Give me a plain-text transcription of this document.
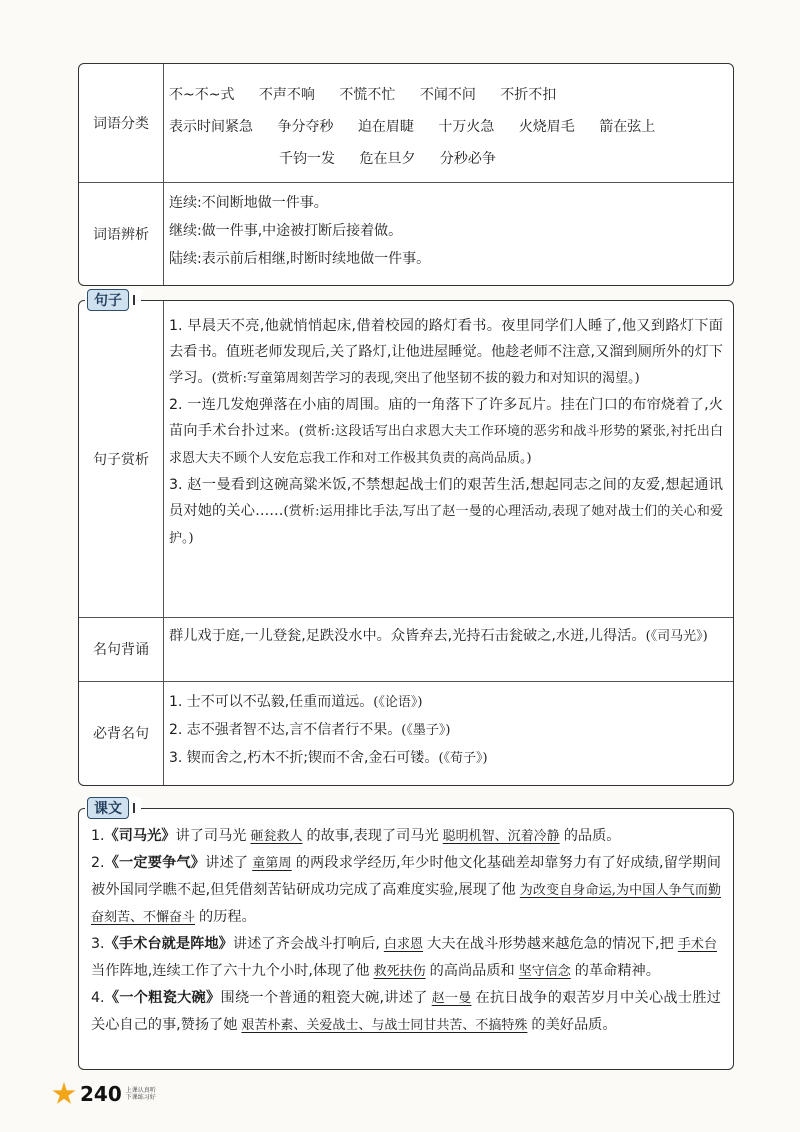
词语分类
不~不~式 不声不响 不慌不忙 不闻不问 不折不扣
表示时间紧急 争分夺秒 迫在眉睫 十万火急 火烧眉毛 箭在弦上
千钧一发 危在旦夕 分秒必争
词语辨析
连续:不间断地做一件事。
继续:做一件事,中途被打断后接着做。
陆续:表示前后相继,时断时续地做一件事。
句子
句子赏析

1. 早晨天不亮,他就悄悄起床,借着校园的路灯看书。夜里同学们人睡了,他又到路灯下面去看书。值班老师发现后,关了路灯,让他进屋睡觉。他趁老师不注意,又溜到厕所外的灯下学习。(赏析:写童第周刻苦学习的表现,突出了他坚韧不拔的毅力和对知识的渴望。)

2. 一连几发炮弹落在小庙的周围。庙的一角落下了许多瓦片。挂在门口的布帘烧着了,火苗向手术台扑过来。(赏析:这段话写出白求恩大夫工作环境的恶劣和战斗形势的紧张,衬托出白求恩大夫不顾个人安危忘我工作和对工作极其负责的高尚品质。)

3. 赵一曼看到这碗高粱米饭,不禁想起战士们的艰苦生活,想起同志之间的友爱,想起通讯员对她的关心……(赏析:运用排比手法,写出了赵一曼的心理活动,表现了她对战士们的关心和爱护。)

名句背诵

群儿戏于庭,一儿登瓮,足跌没水中。众皆弃去,光持石击瓮破之,水迸,儿得活。(《司马光》)

必背名句
1. 士不可以不弘毅,任重而道远。(《论语》)
2. 志不强者智不达,言不信者行不果。(《墨子》)
3. 锲而舍之,朽木不折;锲而不舍,金石可镂。(《荀子》)
课文

1.《司马光》讲了司马光 砸瓮救人 的故事,表现了司马光 聪明机智、沉着冷静 的品质。

2.《一定要争气》讲述了 童第周 的两段求学经历,年少时他文化基础差却靠努力有了好成绩,留学期间被外国同学瞧不起,但凭借刻苦钻研成功完成了高难度实验,展现了他 为改变自身命运,为中国人争气而勤奋刻苦、不懈奋斗 的历程。

3.《手术台就是阵地》讲述了齐会战斗打响后, 白求恩 大夫在战斗形势越来越危急的情况下,把 手术台当作阵地,连续工作了六十九个小时,体现了他 救死扶伤 的高尚品质和 坚守信念 的革命精神。

4.《一个粗瓷大碗》围绕一个普通的粗瓷大碗,讲述了 赵一曼 在抗日战争的艰苦岁月中关心战士胜过关心自己的事,赞扬了她 艰苦朴素、关爱战士、与战士同甘共苦、不搞特殊 的美好品质。

240 上课认真听 下课练习好
